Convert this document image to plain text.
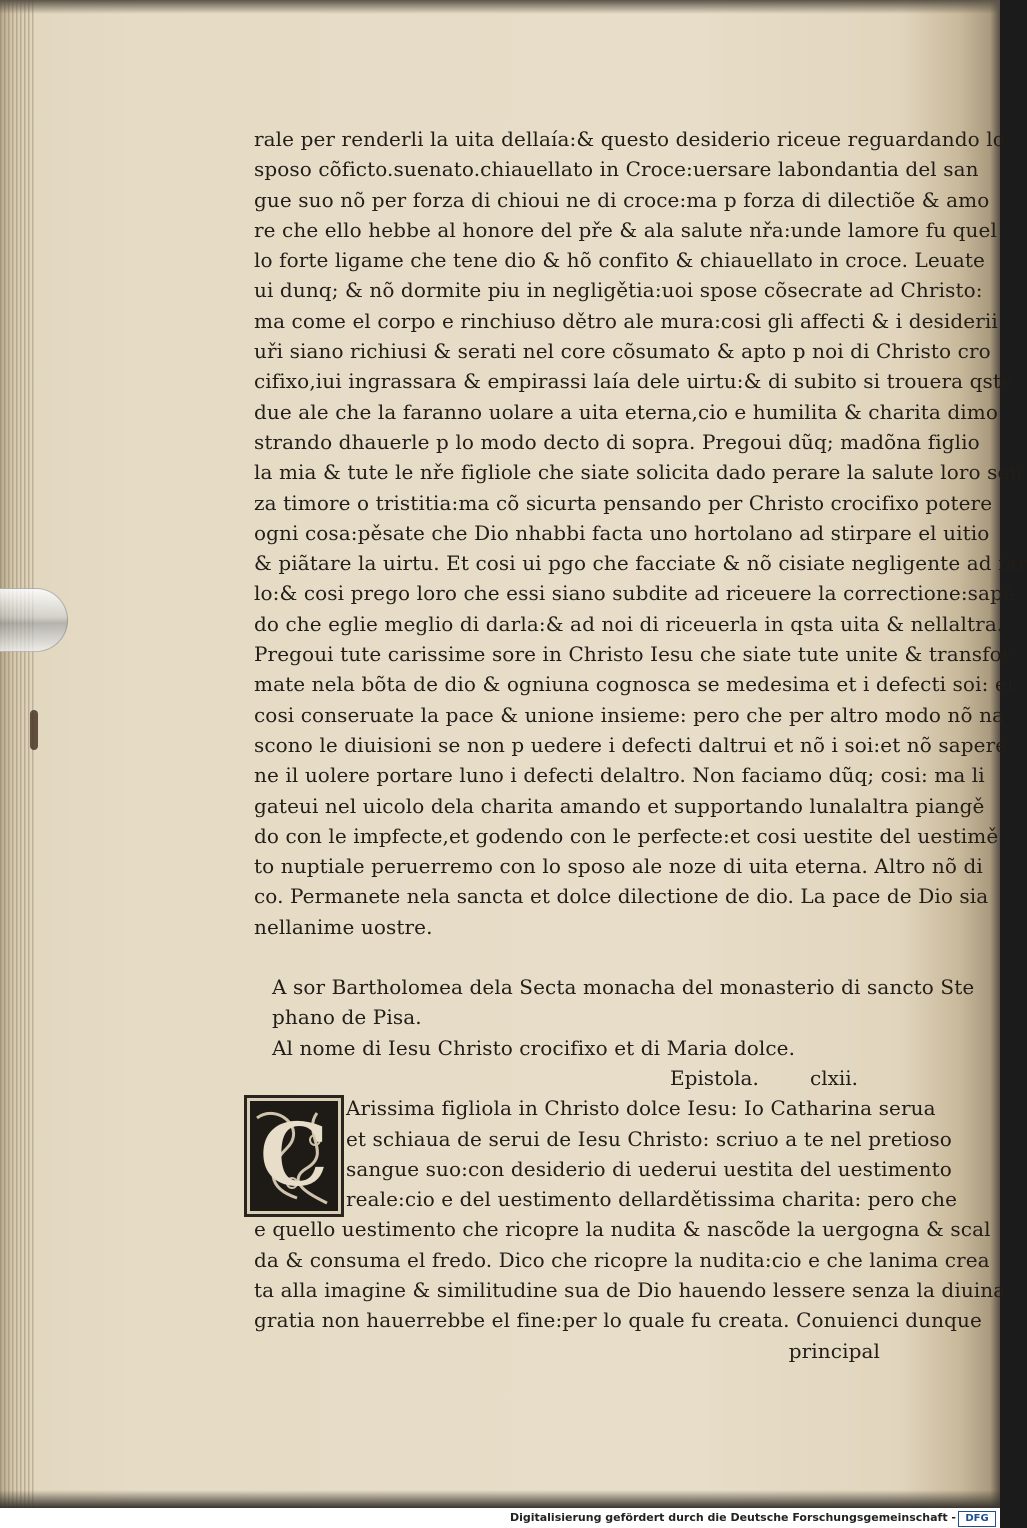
rale per renderli la uita dellaía:& questo desiderio riceue reguardando lo
sposo cõficto.suenato.chiauellato in Croce:uersare labondantia del san
gue suo nõ per forza di chioui ne di croce:ma p forza di dilectiõe & amo
re che ello hebbe al honore del pře & ala salute nřa:unde lamore fu quel
lo forte ligame che tene dio & hõ confito & chiauellato in croce. Leuate
ui dunq; & nõ dormite piu in negligětia:uoi spose cõsecrate ad Christo:
ma come el corpo e rinchiuso dětro ale mura:cosi gli affecti & i desiderii
uři siano richiusi & serati nel core cõsumato & apto p noi di Christo cro
cifixo,iui ingrassara & empirassi laía dele uirtu:& di subito si trouera qste
due ale che la faranno uolare a uita eterna,cio e humilita & charita dimo
strando dhauerle p lo modo decto di sopra. Pregoui dũq; madõna figlio
la mia & tute le nře figliole che siate solicita dado perare la salute loro sen
za timore o tristitia:ma cõ sicurta pensando per Christo crocifixo potere
ogni cosa:pěsate che Dio nhabbi facta uno hortolano ad stirpare el uitio
& piãtare la uirtu. Et cosi ui pgo che facciate & nõ cisiate negligente ad far
lo:& cosi prego loro che essi siano subdite ad riceuere la correctione:sapě
do che eglie meglio di darla:& ad noi di riceuerla in qsta uita & nellaltra.
Pregoui tute carissime sore in Christo Iesu che siate tute unite & transfor
mate nela bõta de dio & ogniuna cognosca se medesima et i defecti soi: et
cosi conseruate la pace & unione insieme: pero che per altro modo nõ na
scono le diuisioni se non p uedere i defecti daltrui et nõ i soi:et nõ sapere
ne il uolere portare luno i defecti delaltro. Non faciamo dũq; cosi: ma li
gateui nel uicolo dela charita amando et supportando lunalaltra piangě
do con le impfecte,et godendo con le perfecte:et cosi uestite del uestimě
to nuptiale peruerremo con lo sposo ale noze di uita eterna. Altro nõ di
co. Permanete nela sancta et dolce dilectione de dio. La pace de Dio sia
nellanime uostre.
A sor Bartholomea dela Secta monacha del monasterio di sancto Ste
phano de Pisa.
Al nome di Iesu Christo crocifixo et di Maria dolce.
Epistola.	clxii.
C Arissima figliola in Christo dolce Iesu: Io Catharina serua
et schiaua de serui de Iesu Christo: scriuo a te nel pretioso
sangue suo:con desiderio di uederui uestita del uestimento
reale:cio e del uestimento dellardětissima charita: pero che
e quello uestimento che ricopre la nudita & nascõde la uergogna & scal
da & consuma el fredo. Dico che ricopre la nudita:cio e che lanima crea
ta alla imagine & similitudine sua de Dio hauendo lessere senza la diuina
gratia non hauerrebbe el fine:per lo quale fu creata. Conuienci dunque
principal
Digitalisierung gefördert durch die Deutsche Forschungsgemeinschaft - DFG
